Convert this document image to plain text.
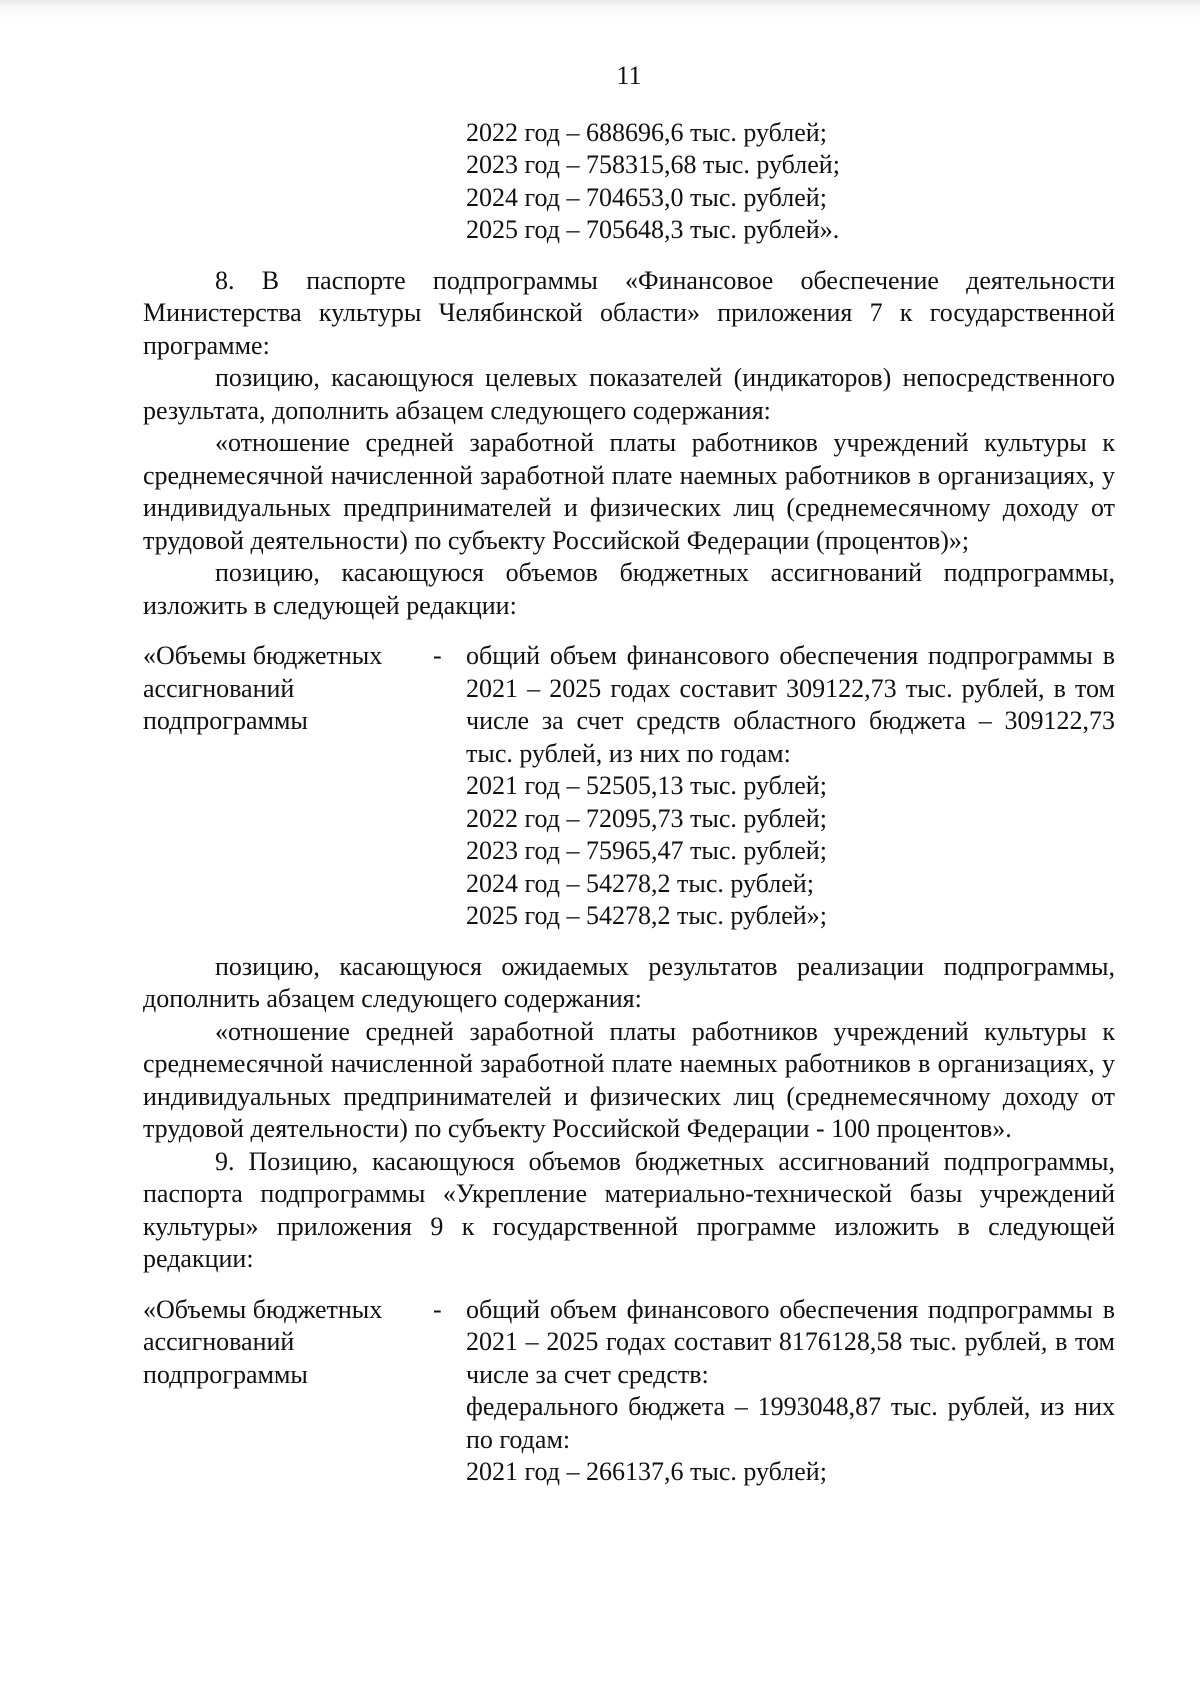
11
2022 год – 688696,6 тыс. рублей;
2023 год – 758315,68 тыс. рублей;
2024 год – 704653,0 тыс. рублей;
2025 год – 705648,3 тыс. рублей».

8. В паспорте подпрограммы «Финансовое обеспечение деятельности Министерства культуры Челябинской области» приложения 7 к государственной программе:

позицию, касающуюся целевых показателей (индикаторов) непосредственного результата, дополнить абзацем следующего содержания:

«отношение средней заработной платы работников учреждений культуры к среднемесячной начисленной заработной плате наемных работников в организациях, у индивидуальных предпринимателей и физических лиц (среднемесячному доходу от трудовой деятельности) по субъекту Российской Федерации (процентов)»;

позицию, касающуюся объемов бюджетных ассигнований подпрограммы, изложить в следующей редакции:

«Объемы бюджетных
ассигнований
подпрограммы
- общий объем финансового обеспечения подпрограммы в 2021 – 2025 годах составит 309122,73 тыс. рублей, в том числе за счет средств областного бюджета – 309122,73 тыс. рублей, из них по годам:

2021 год – 52505,13 тыс. рублей;
2022 год – 72095,73 тыс. рублей;
2023 год – 75965,47 тыс. рублей;
2024 год – 54278,2 тыс. рублей;
2025 год – 54278,2 тыс. рублей»;

позицию, касающуюся ожидаемых результатов реализации подпрограммы, дополнить абзацем следующего содержания:

«отношение средней заработной платы работников учреждений культуры к среднемесячной начисленной заработной плате наемных работников в организациях, у индивидуальных предпринимателей и физических лиц (среднемесячному доходу от трудовой деятельности) по субъекту Российской Федерации - 100 процентов».

9. Позицию, касающуюся объемов бюджетных ассигнований подпрограммы, паспорта подпрограммы «Укрепление материально-технической базы учреждений культуры» приложения 9 к государственной программе изложить в следующей редакции:

«Объемы бюджетных
ассигнований
подпрограммы
- общий объем финансового обеспечения подпрограммы в 2021 – 2025 годах составит 8176128,58 тыс. рублей, в том числе за счет средств:

федерального бюджета – 1993048,87 тыс. рублей, из них по годам:

2021 год – 266137,6 тыс. рублей;
